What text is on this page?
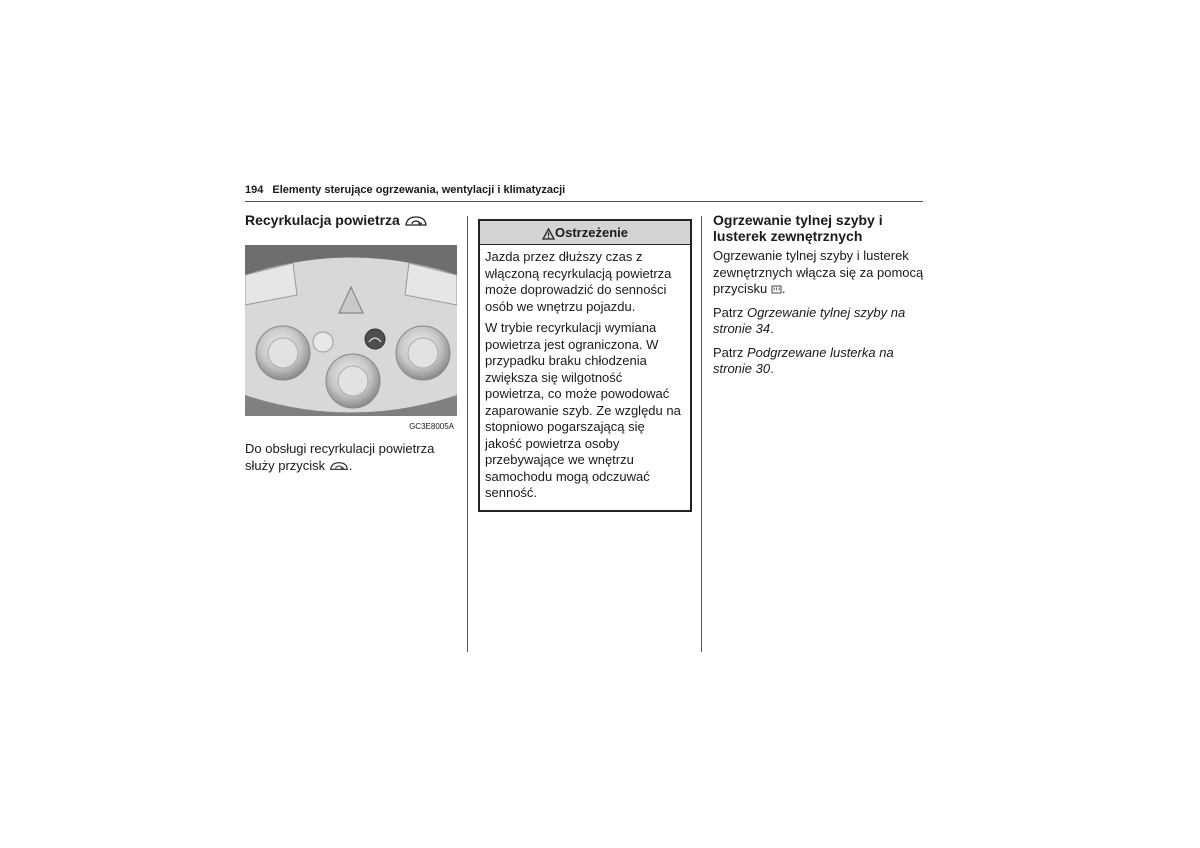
194 Elementy sterujące ogrzewania, wentylacji i klimatyzacji
Recyrkulacja powietrza
GC3E8005A

Do obsługi recyrkulacji powietrza służy przycisk .

Ostrzeżenie

Jazda przez dłuższy czas z włączoną recyrkulacją powietrza może doprowadzić do senności osób we wnętrzu pojazdu.

W trybie recyrkulacji wymiana powietrza jest ograniczona. W przypadku braku chłodzenia zwiększa się wilgotność powietrza, co może powodować zaparowanie szyb. Ze względu na stopniowo pogarszającą się jakość powietrza osoby przebywające we wnętrzu samochodu mogą odczuwać senność.

Ogrzewanie tylnej szyby i lusterek zewnętrznych

Ogrzewanie tylnej szyby i lusterek zewnętrznych włącza się za pomocą przycisku .

Patrz Ogrzewanie tylnej szyby na stronie 34.

Patrz Podgrzewane lusterka na stronie 30.
